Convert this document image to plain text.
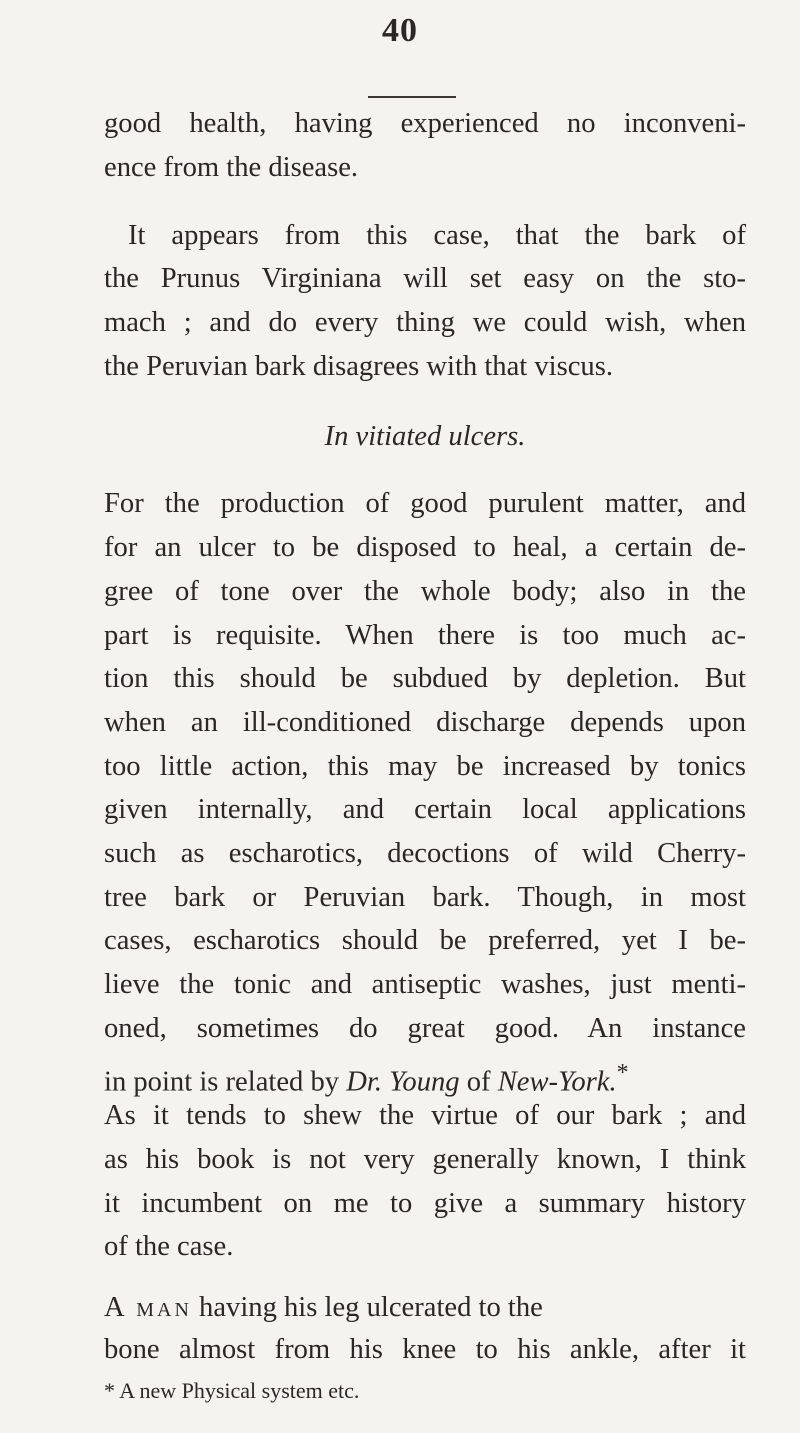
40
good health, having experienced no inconveni-
ence from the disease.
It appears from this case, that the bark of
the Prunus Virginiana will set easy on the sto-
mach ; and do every thing we could wish, when
the Peruvian bark disagrees with that viscus.
In vitiated ulcers.
For the production of good purulent matter, and
for an ulcer to be disposed to heal, a certain de-
gree of tone over the whole body; also in the
part is requisite. When there is too much ac-
tion this should be subdued by depletion. But
when an ill-conditioned discharge depends upon
too little action, this may be increased by tonics
given internally, and certain local applications
such as escharotics, decoctions of wild Cherry-
tree bark or Peruvian bark. Though, in most
cases, escharotics should be preferred, yet I be-
lieve the tonic and antiseptic washes, just menti-
oned, sometimes do great good. An instance
in point is related by Dr. Young of New-York.*
As it tends to shew the virtue of our bark ; and
as his book is not very generally known, I think
it incumbent on me to give a summary history
of the case.
A man having his leg ulcerated to the
bone almost from his knee to his ankle, after it
* A new Physical system etc.
